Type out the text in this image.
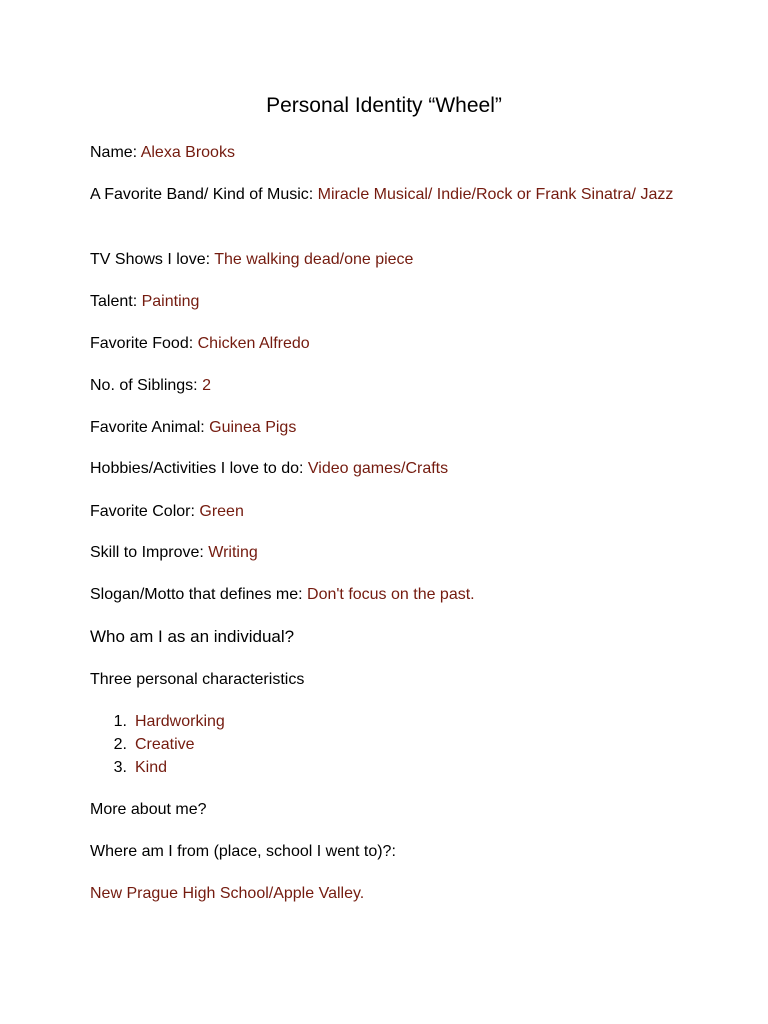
Personal Identity “Wheel”

Name: Alexa Brooks

A Favorite Band/ Kind of Music: Miracle Musical/ Indie/Rock or Frank Sinatra/ Jazz

TV Shows I love: The walking dead/one piece

Talent: Painting

Favorite Food: Chicken Alfredo

No. of Siblings: 2

Favorite Animal: Guinea Pigs

Hobbies/Activities I love to do: Video games/Crafts

Favorite Color: Green

Skill to Improve: Writing

Slogan/Motto that defines me: Don't focus on the past.

Who am I as an individual?

Three personal characteristics

1. Hardworking
2. Creative
3. Kind

More about me?

Where am I from (place, school I went to)?:

New Prague High School/Apple Valley.
